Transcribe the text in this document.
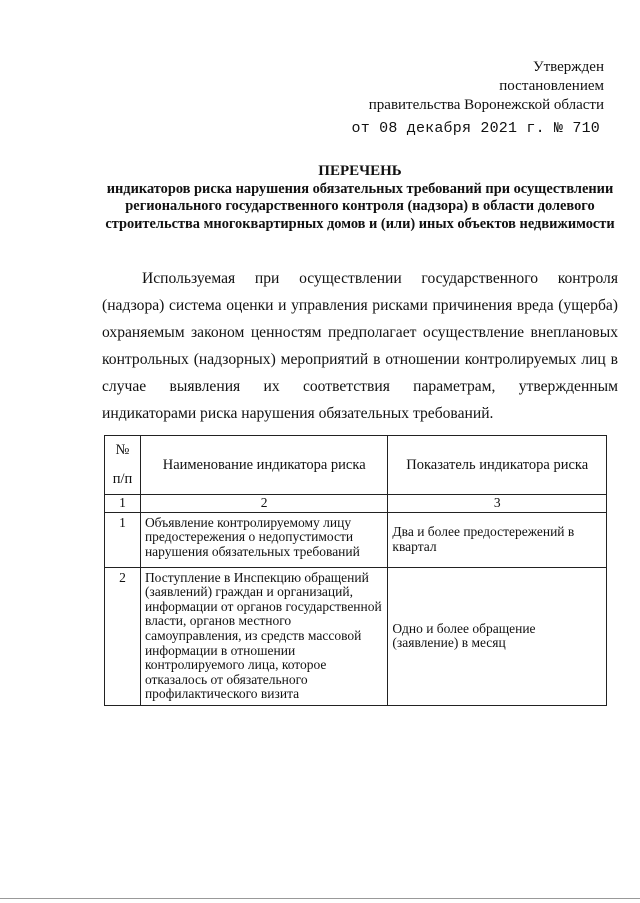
Утвержден
постановлением
правительства Воронежской области
от 08 декабря 2021 г. № 710
ПЕРЕЧЕНЬ
индикаторов риска нарушения обязательных требований при осуществлении регионального государственного контроля (надзора) в области долевого строительства многоквартирных домов и (или) иных объектов недвижимости

Используемая при осуществлении государственного контроля (надзора) система оценки и управления рисками причинения вреда (ущерба) охраняемым законом ценностям предполагает осуществление внеплановых контрольных (надзорных) мероприятий в отношении контролируемых лиц в случае выявления их соответствия параметрам, утвержденным индикаторами риска нарушения обязательных требований.

№

п/п	Наименование индикатора риска	Показатель индикатора риска
1	2	3
1	Объявление контролируемому лицу предостережения о недопустимости нарушения обязательных требований	Два и более предостережений в квартал
2	Поступление в Инспекцию обращений (заявлений) граждан и организаций, информации от органов государственной власти, органов местного самоуправления, из средств массовой информации в отношении контролируемого лица, которое отказалось от обязательного профилактического визита	Одно и более обращение (заявление) в месяц
